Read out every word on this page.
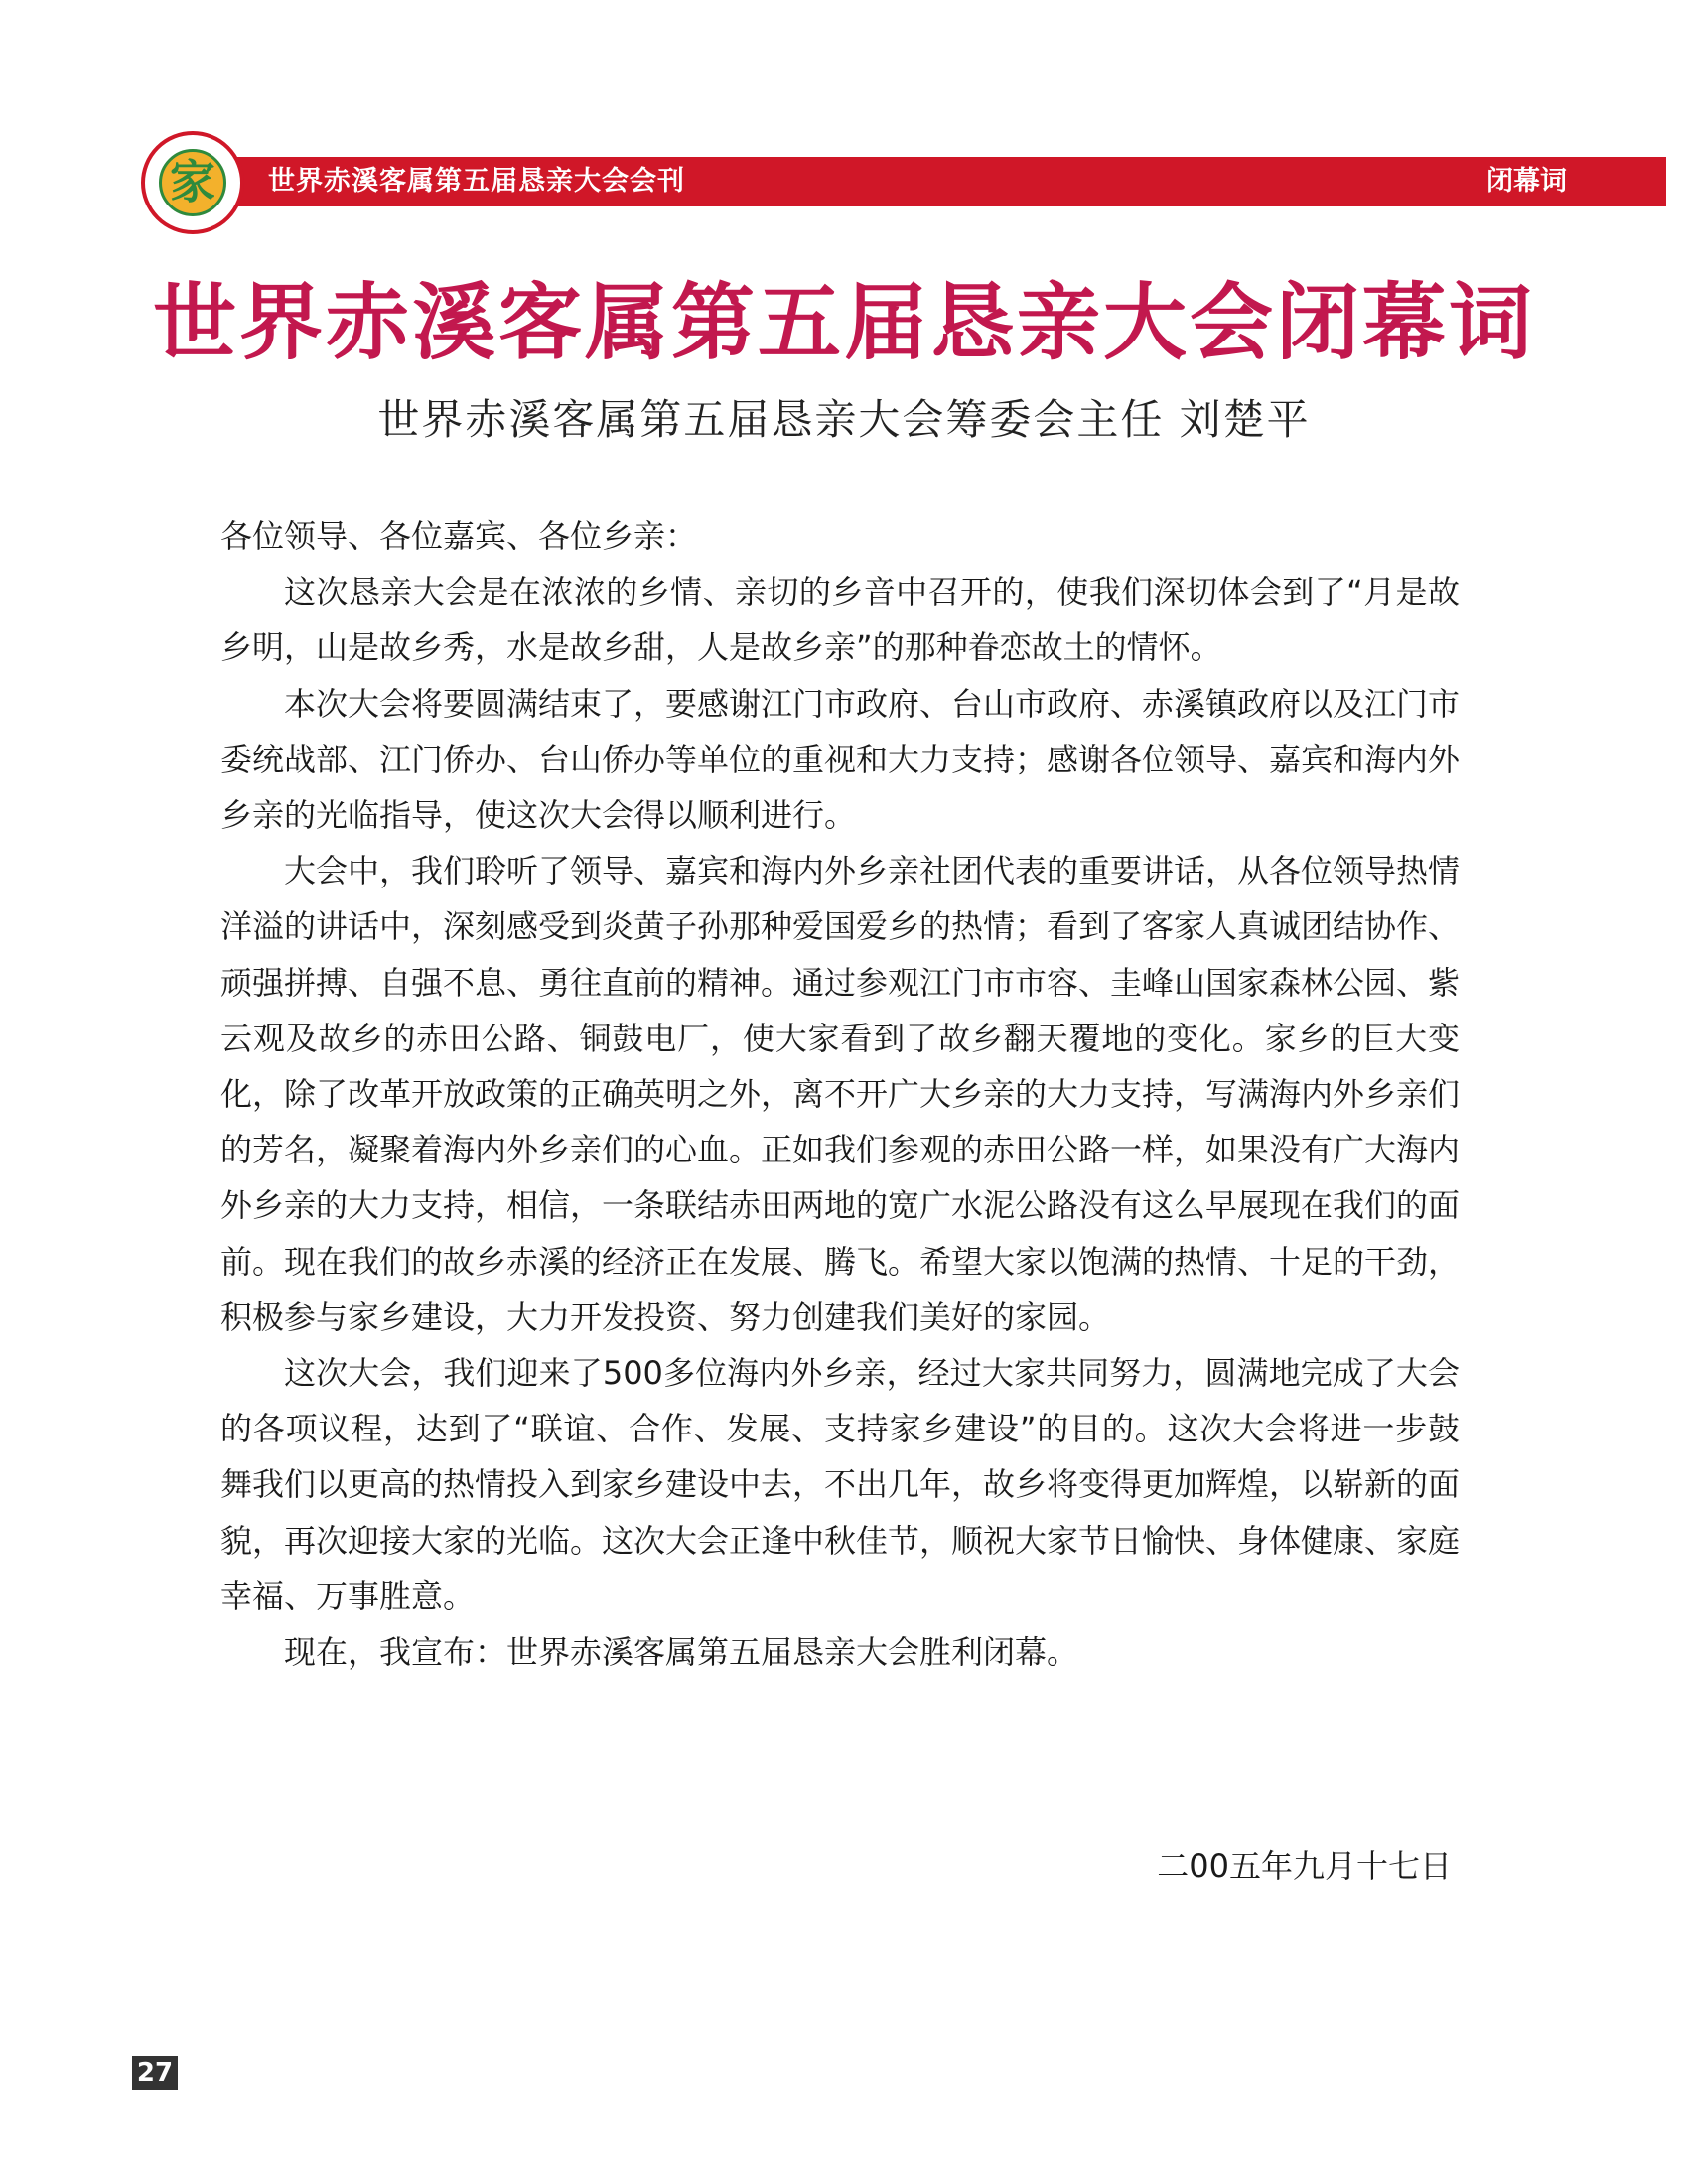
世界赤溪客属第五届恳亲大会会刊	闭幕词
家
世界赤溪客属第五届恳亲大会闭幕词
世界赤溪客属第五届恳亲大会筹委会主任 刘楚平

各位领导、各位嘉宾、各位乡亲：

这次恳亲大会是在浓浓的乡情、亲切的乡音中召开的，使我们深切体会到了“月是故乡明，山是故乡秀，水是故乡甜，人是故乡亲”的那种眷恋故土的情怀。

本次大会将要圆满结束了，要感谢江门市政府、台山市政府、赤溪镇政府以及江门市委统战部、江门侨办、台山侨办等单位的重视和大力支持；感谢各位领导、嘉宾和海内外乡亲的光临指导，使这次大会得以顺利进行。

大会中，我们聆听了领导、嘉宾和海内外乡亲社团代表的重要讲话，从各位领导热情洋溢的讲话中，深刻感受到炎黄子孙那种爱国爱乡的热情；看到了客家人真诚团结协作、顽强拼搏、自强不息、勇往直前的精神。通过参观江门市市容、圭峰山国家森林公园、紫云观及故乡的赤田公路、铜鼓电厂，使大家看到了故乡翻天覆地的变化。家乡的巨大变化，除了改革开放政策的正确英明之外，离不开广大乡亲的大力支持，写满海内外乡亲们的芳名，凝聚着海内外乡亲们的心血。正如我们参观的赤田公路一样，如果没有广大海内外乡亲的大力支持，相信，一条联结赤田两地的宽广水泥公路没有这么早展现在我们的面前。现在我们的故乡赤溪的经济正在发展、腾飞。希望大家以饱满的热情、十足的干劲，积极参与家乡建设，大力开发投资、努力创建我们美好的家园。

这次大会，我们迎来了500多位海内外乡亲，经过大家共同努力，圆满地完成了大会的各项议程，达到了“联谊、合作、发展、支持家乡建设”的目的。这次大会将进一步鼓舞我们以更高的热情投入到家乡建设中去，不出几年，故乡将变得更加辉煌，以崭新的面貌，再次迎接大家的光临。这次大会正逢中秋佳节，顺祝大家节日愉快、身体健康、家庭幸福、万事胜意。

现在，我宣布：世界赤溪客属第五届恳亲大会胜利闭幕。

二00五年九月十七日
27
